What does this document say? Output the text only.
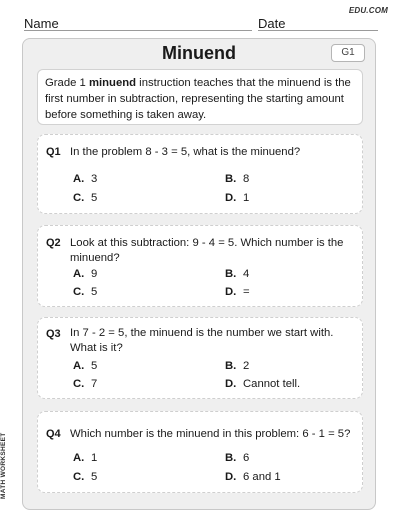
EDU.COM
Name	Date
Minuend	G1
Grade 1 minuend instruction teaches that the minuend is the first number in subtraction, representing the starting amount before something is taken away.
Q1 In the problem 8 - 3 = 5, what is the minuend?
A. 3	B. 8
C. 5	D. 1
Q2 Look at this subtraction: 9 - 4 = 5. Which number is the minuend?
A. 9	B. 4
C. 5	D. =
Q3 In 7 - 2 = 5, the minuend is the number we start with. What is it?
A. 5	B. 2
C. 7	D. Cannot tell.
Q4 Which number is the minuend in this problem: 6 - 1 = 5?
A. 1	B. 6
C. 5	D. 6 and 1
MATH WORKSHEET
